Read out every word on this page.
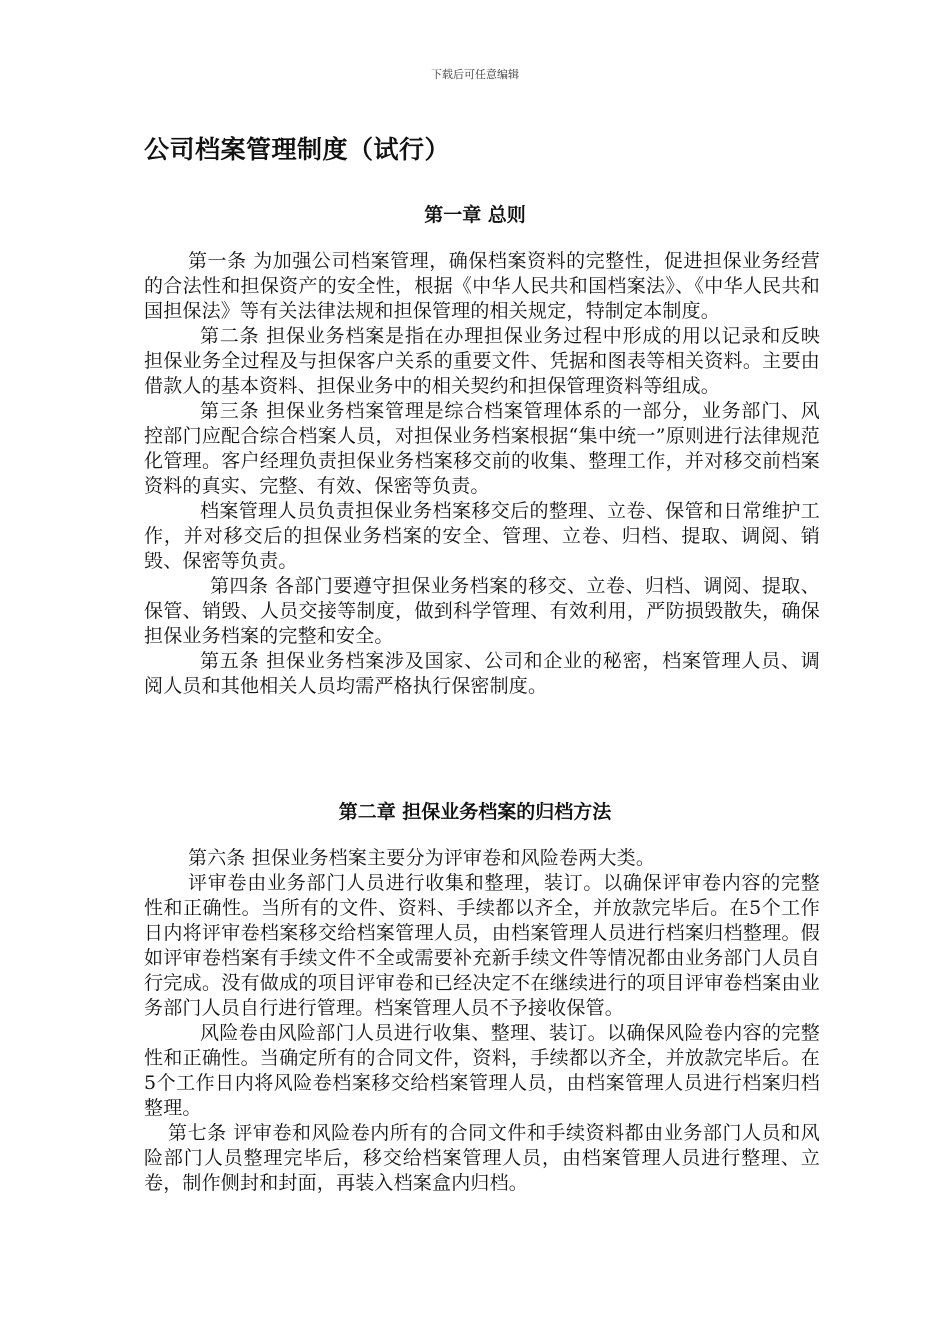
下载后可任意编辑
公司档案管理制度（试行）
第一章 总则

第一条 为加强公司档案管理，确保档案资料的完整性，促进担保业务经营的合法性和担保资产的安全性，根据《中华人民共和国档案法》、《中华人民共和国担保法》等有关法律法规和担保管理的相关规定，特制定本制度。

第二条 担保业务档案是指在办理担保业务过程中形成的用以记录和反映担保业务全过程及与担保客户关系的重要文件、凭据和图表等相关资料。主要由借款人的基本资料、担保业务中的相关契约和担保管理资料等组成。

第三条 担保业务档案管理是综合档案管理体系的一部分，业务部门、风控部门应配合综合档案人员，对担保业务档案根据“集中统一”原则进行法律规范化管理。客户经理负责担保业务档案移交前的收集、整理工作，并对移交前档案资料的真实、完整、有效、保密等负责。

档案管理人员负责担保业务档案移交后的整理、立卷、保管和日常维护工作，并对移交后的担保业务档案的安全、管理、立卷、归档、提取、调阅、销毁、保密等负责。

第四条 各部门要遵守担保业务档案的移交、立卷、归档、调阅、提取、保管、销毁、人员交接等制度，做到科学管理、有效利用，严防损毁散失，确保担保业务档案的完整和安全。

第五条 担保业务档案涉及国家、公司和企业的秘密，档案管理人员、调阅人员和其他相关人员均需严格执行保密制度。

第二章 担保业务档案的归档方法

第六条 担保业务档案主要分为评审卷和风险卷两大类。

评审卷由业务部门人员进行收集和整理，装订。以确保评审卷内容的完整性和正确性。当所有的文件、资料、手续都以齐全，并放款完毕后。在5个工作日内将评审卷档案移交给档案管理人员，由档案管理人员进行档案归档整理。假如评审卷档案有手续文件不全或需要补充新手续文件等情况都由业务部门人员自行完成。没有做成的项目评审卷和已经决定不在继续进行的项目评审卷档案由业务部门人员自行进行管理。档案管理人员不予接收保管。

风险卷由风险部门人员进行收集、整理、装订。以确保风险卷内容的完整性和正确性。当确定所有的合同文件，资料，手续都以齐全，并放款完毕后。在5个工作日内将风险卷档案移交给档案管理人员，由档案管理人员进行档案归档整理。

第七条 评审卷和风险卷内所有的合同文件和手续资料都由业务部门人员和风险部门人员整理完毕后，移交给档案管理人员，由档案管理人员进行整理、立卷，制作侧封和封面，再装入档案盒内归档。
